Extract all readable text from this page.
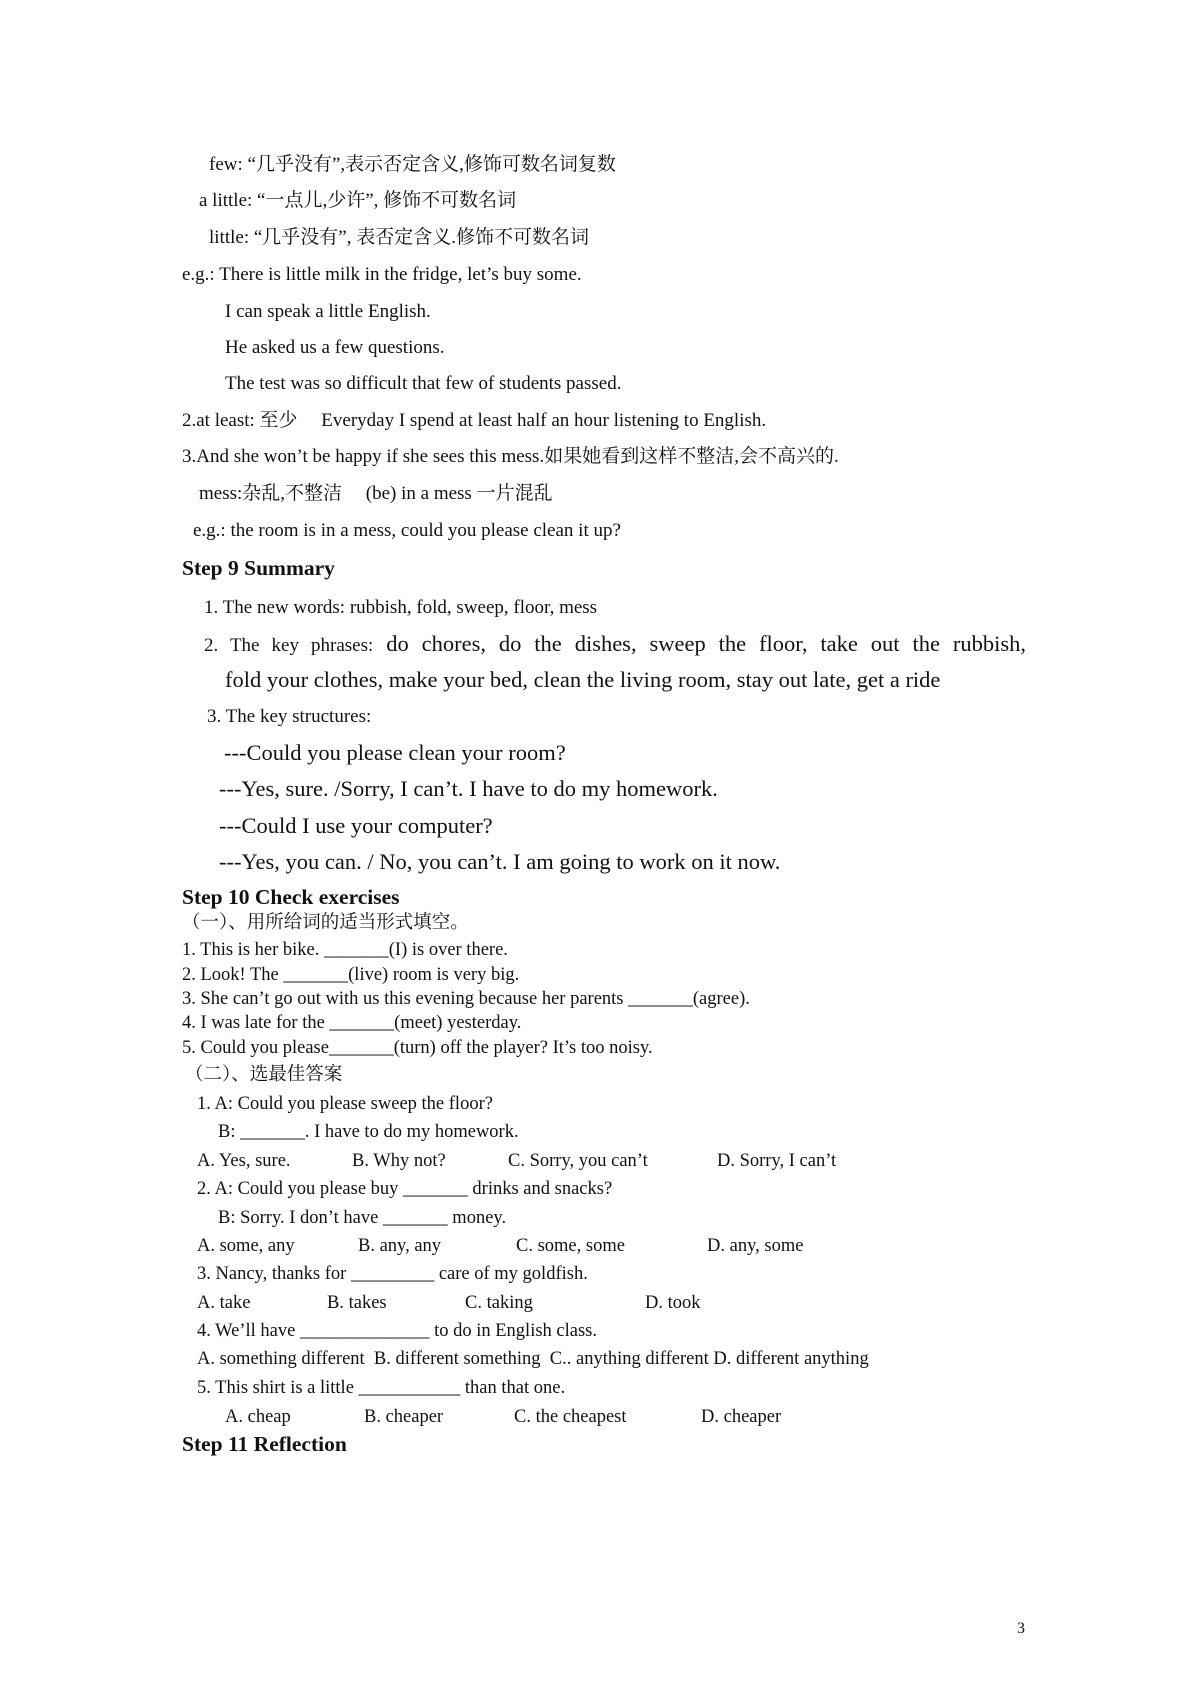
few: “几乎没有”,表示否定含义,修饰可数名词复数
a little: “一点儿,少许”, 修饰不可数名词
little: “几乎没有”, 表否定含义.修饰不可数名词
e.g.: There is little milk in the fridge, let’s buy some.
I can speak a little English.
He asked us a few questions.
The test was so difficult that few of students passed.
2.at least: 至少     Everyday I spend at least half an hour listening to English.
3.And she won’t be happy if she sees this mess.如果她看到这样不整洁,会不高兴的.
mess:杂乱,不整洁     (be) in a mess 一片混乱
e.g.: the room is in a mess, could you please clean it up?
Step 9 Summary
1. The new words: rubbish, fold, sweep, floor, mess
2. The key phrases: do chores, do the dishes, sweep the floor, take out the rubbish,
fold your clothes, make your bed, clean the living room, stay out late, get a ride
3. The key structures:
---Could you please clean your room?
---Yes, sure. /Sorry, I can’t. I have to do my homework.
---Could I use your computer?
---Yes, you can. / No, you can’t. I am going to work on it now.
Step 10 Check exercises
（一）、用所给词的适当形式填空。
1. This is her bike. _______(I) is over there.
2. Look! The _______(live) room is very big.
3. She can’t go out with us this evening because her parents _______(agree).
4. I was late for the _______(meet) yesterday.
5. Could you please_______(turn) off the player? It’s too noisy.
（二）、选最佳答案
1. A: Could you please sweep the floor?
B: _______. I have to do my homework.
A. Yes, sure.	B. Why not?	C. Sorry, you can’t	D. Sorry, I can’t
2. A: Could you please buy _______ drinks and snacks?
B: Sorry. I don’t have _______ money.
A. some, any	B. any, any	C. some, some	D. any, some
3. Nancy, thanks for _________ care of my goldfish.
A. take	B. takes	C. taking	D. took
4. We’ll have ______________ to do in English class.
A. something different  B. different something  C.. anything different D. different anything
5. This shirt is a little ___________ than that one.
A. cheap	B. cheaper	C. the cheapest	D. cheaper
Step 11 Reflection
3
